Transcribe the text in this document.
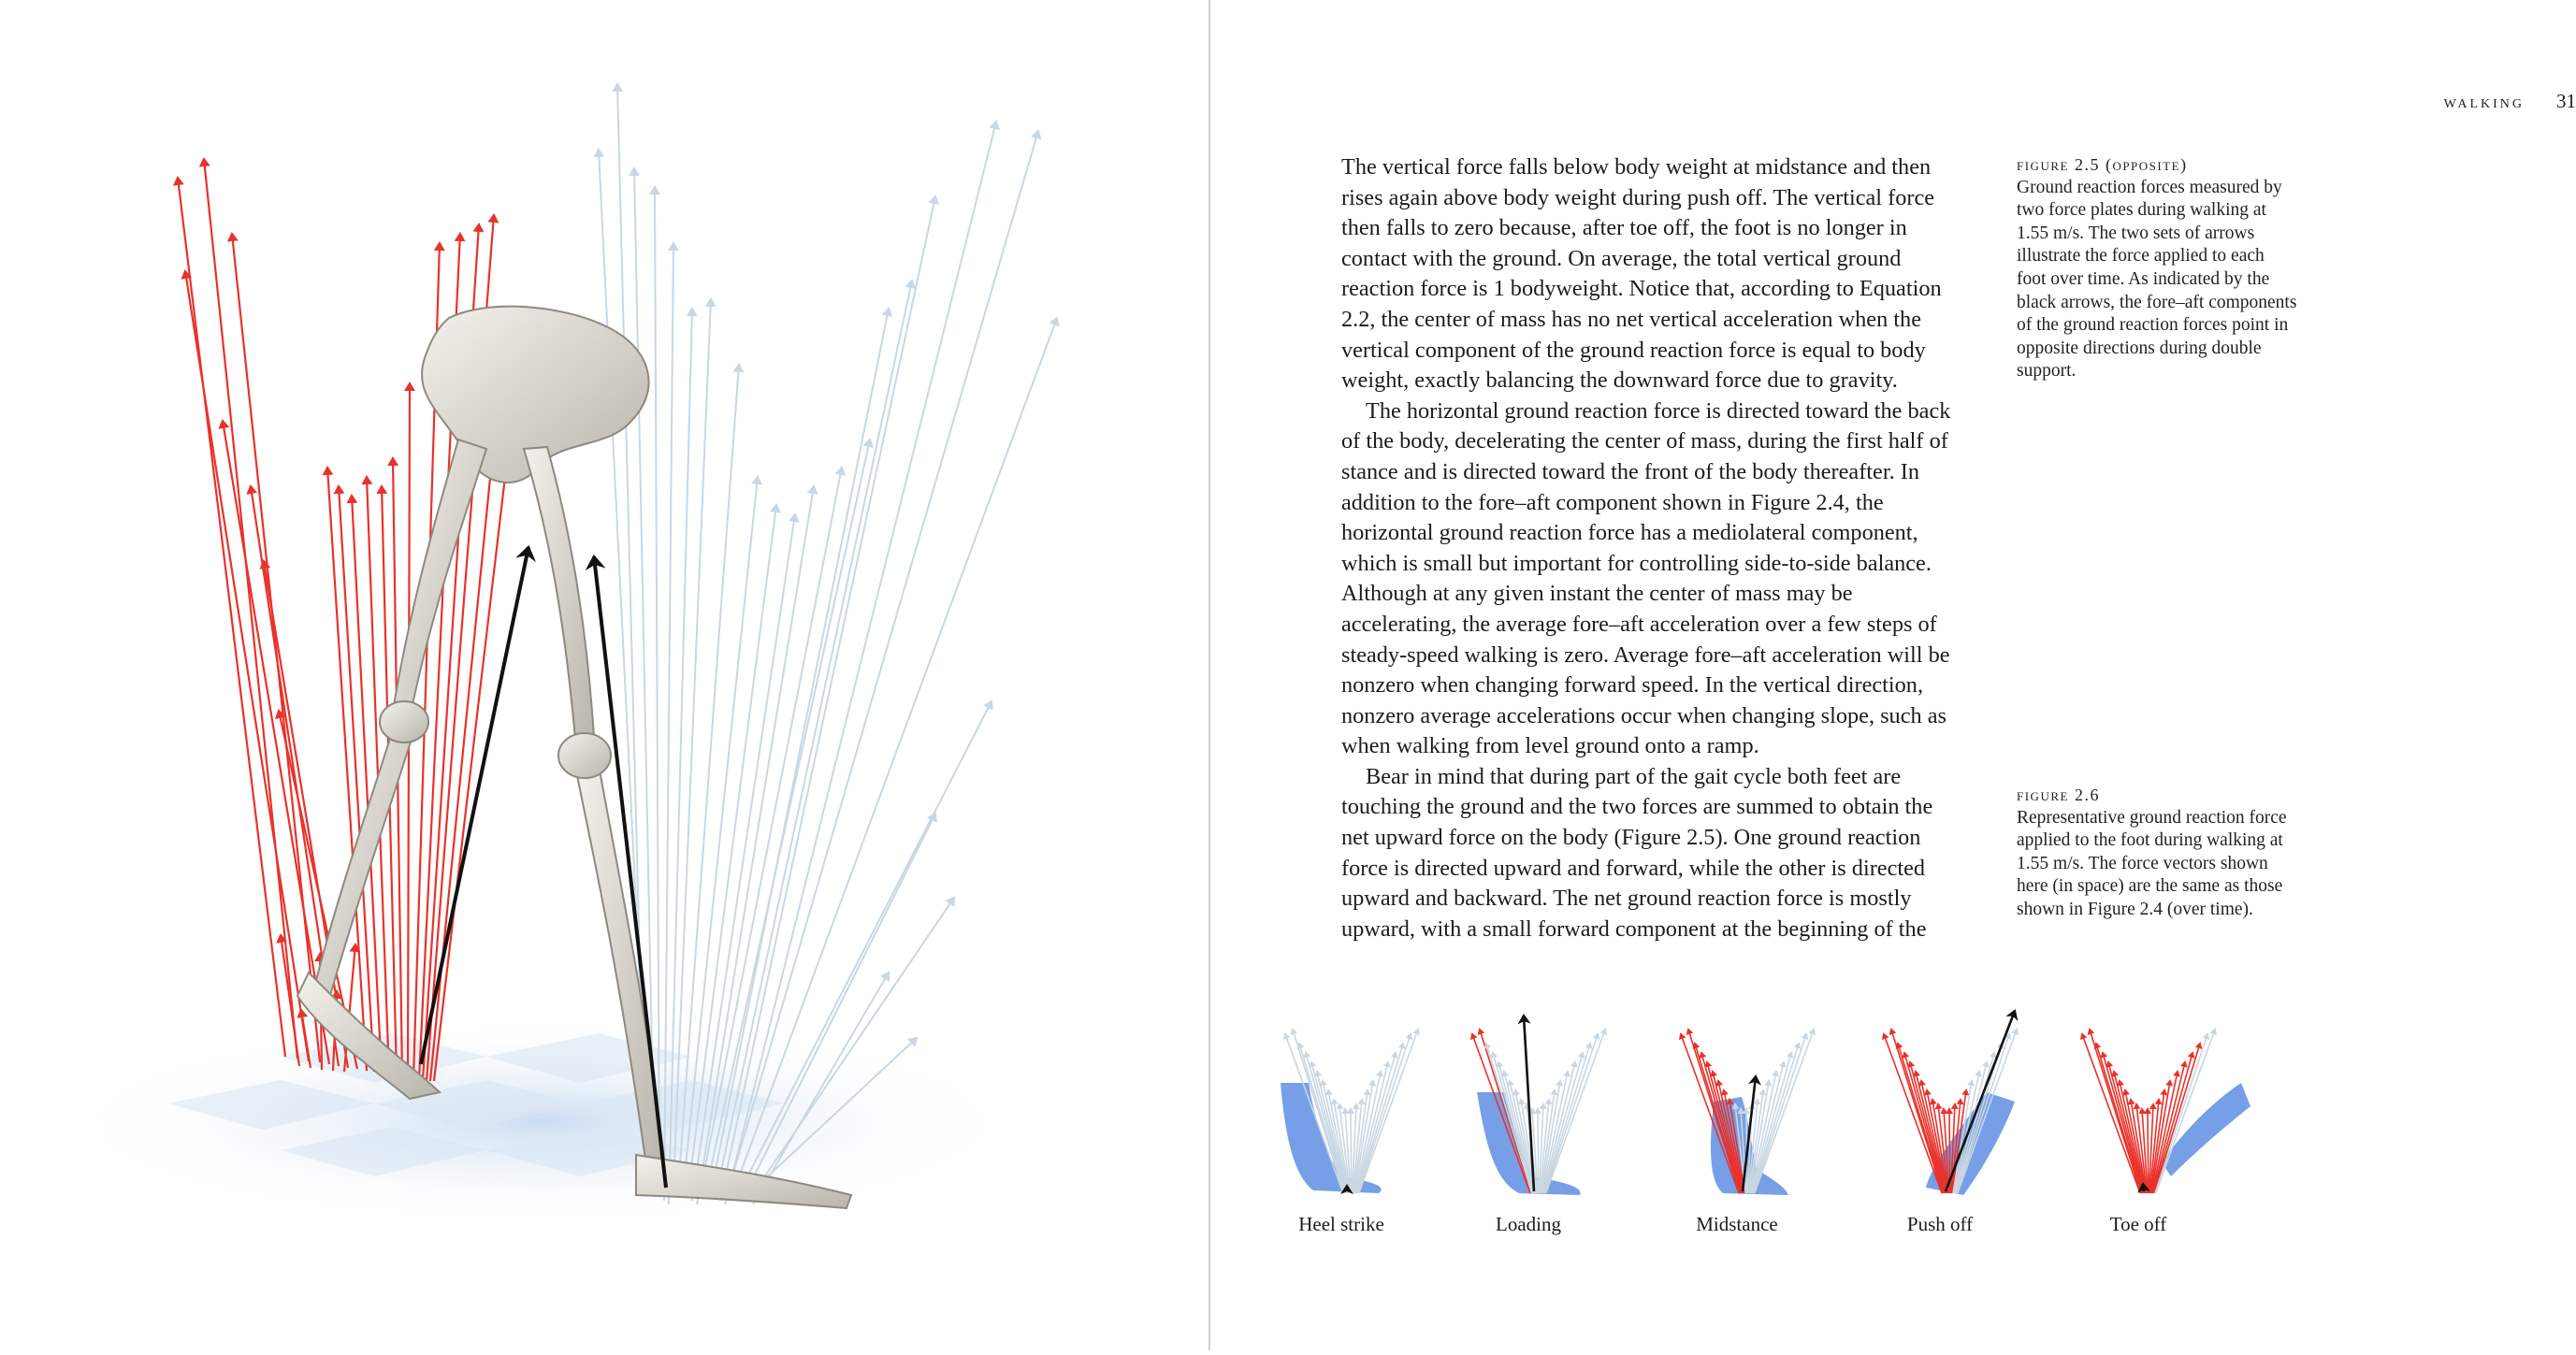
walking 31

The vertical force falls below body weight at midstance and then rises again above body weight during push off. The vertical force then falls to zero because, after toe off, the foot is no longer in contact with the ground. On average, the total vertical ground reaction force is 1 bodyweight. Notice that, according to Equation 2.2, the center of mass has no net vertical acceleration when the vertical component of the ground reaction force is equal to body weight, exactly balancing the downward force due to gravity.

The horizontal ground reaction force is directed toward the back of the body, decelerating the center of mass, during the first half of stance and is directed toward the front of the body thereafter. In addition to the fore–aft component shown in Figure 2.4, the horizontal ground reaction force has a mediolateral component, which is small but important for controlling side-to-side balance. Although at any given instant the center of mass may be accelerating, the average fore–aft acceleration over a few steps of steady-speed walking is zero. Average fore–aft acceleration will be nonzero when changing forward speed. In the vertical direction, nonzero average accelerations occur when changing slope, such as when walking from level ground onto a ramp.

Bear in mind that during part of the gait cycle both feet are touching the ground and the two forces are summed to obtain the net upward force on the body (Figure 2.5). One ground reaction force is directed upward and forward, while the other is directed upward and backward. The net ground reaction force is mostly upward, with a small forward component at the beginning of the

figure 2.5 (opposite)
Ground reaction forces measured by two force plates during walking at 1.55 m/s. The two sets of arrows illustrate the force applied to each foot over time. As indicated by the black arrows, the fore–aft components of the ground reaction forces point in opposite directions during double support.
figure 2.6
Representative ground reaction force applied to the foot during walking at 1.55 m/s. The force vectors shown here (in space) are the same as those shown in Figure 2.4 (over time).
Heel strike	Loading	Midstance	Push off	Toe off
